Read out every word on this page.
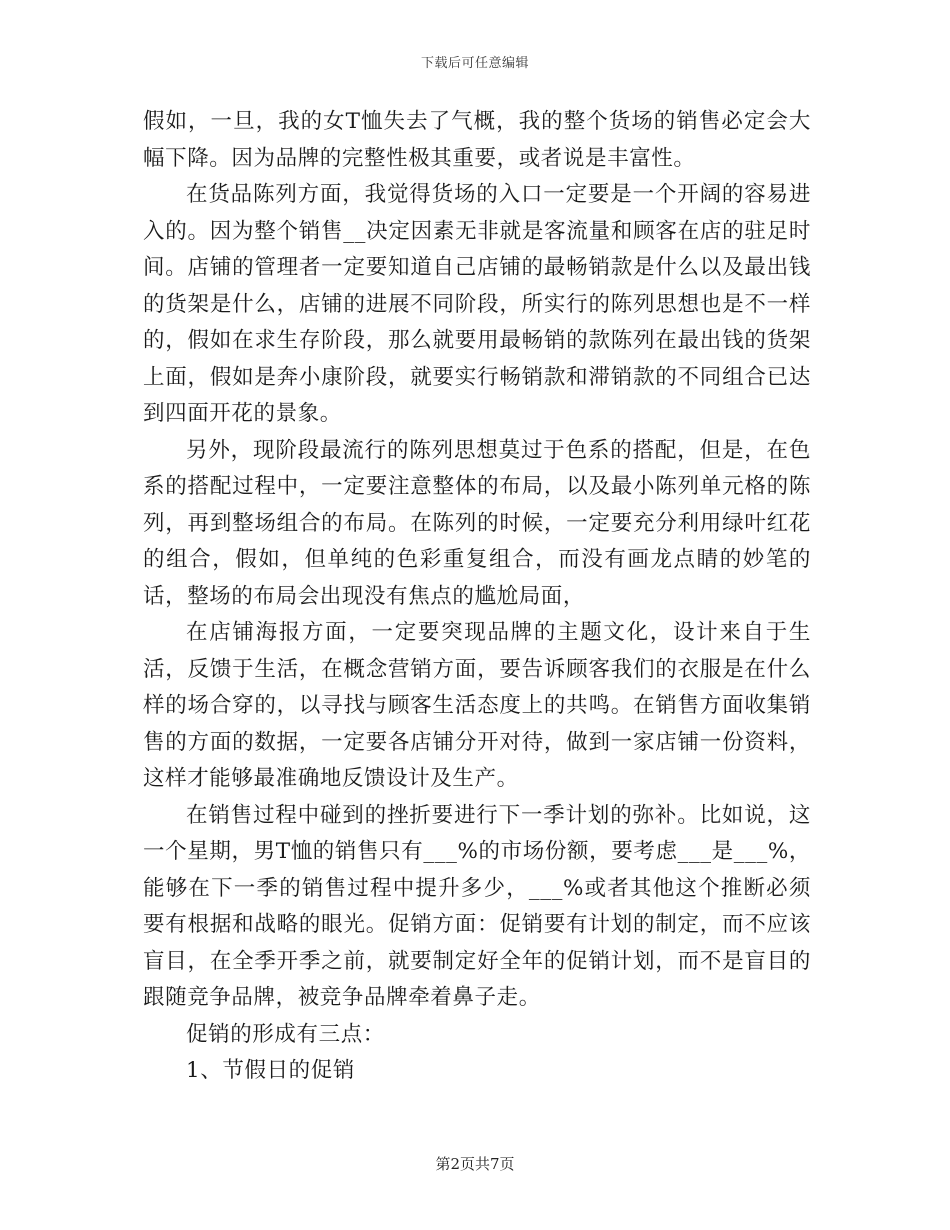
下载后可任意编辑

假如，一旦，我的女T恤失去了气概，我的整个货场的销售必定会大幅下降。因为品牌的完整性极其重要，或者说是丰富性。

在货品陈列方面，我觉得货场的入口一定要是一个开阔的容易进入的。因为整个销售__决定因素无非就是客流量和顾客在店的驻足时间。店铺的管理者一定要知道自己店铺的最畅销款是什么以及最出钱的货架是什么，店铺的进展不同阶段，所实行的陈列思想也是不一样的，假如在求生存阶段，那么就要用最畅销的款陈列在最出钱的货架上面，假如是奔小康阶段，就要实行畅销款和滞销款的不同组合已达到四面开花的景象。

另外，现阶段最流行的陈列思想莫过于色系的搭配，但是，在色系的搭配过程中，一定要注意整体的布局，以及最小陈列单元格的陈列，再到整场组合的布局。在陈列的时候，一定要充分利用绿叶红花的组合，假如，但单纯的色彩重复组合，而没有画龙点睛的妙笔的话，整场的布局会出现没有焦点的尴尬局面，

在店铺海报方面，一定要突现品牌的主题文化，设计来自于生活，反馈于生活，在概念营销方面，要告诉顾客我们的衣服是在什么样的场合穿的，以寻找与顾客生活态度上的共鸣。在销售方面收集销售的方面的数据，一定要各店铺分开对待，做到一家店铺一份资料，这样才能够最准确地反馈设计及生产。

在销售过程中碰到的挫折要进行下一季计划的弥补。比如说，这一个星期，男T恤的销售只有___%的市场份额，要考虑___是___%，能够在下一季的销售过程中提升多少，___%或者其他这个推断必须要有根据和战略的眼光。促销方面：促销要有计划的制定，而不应该盲目，在全季开季之前，就要制定好全年的促销计划，而不是盲目的跟随竞争品牌，被竞争品牌牵着鼻子走。

促销的形成有三点：

1、节假日的促销

第2页共7页
